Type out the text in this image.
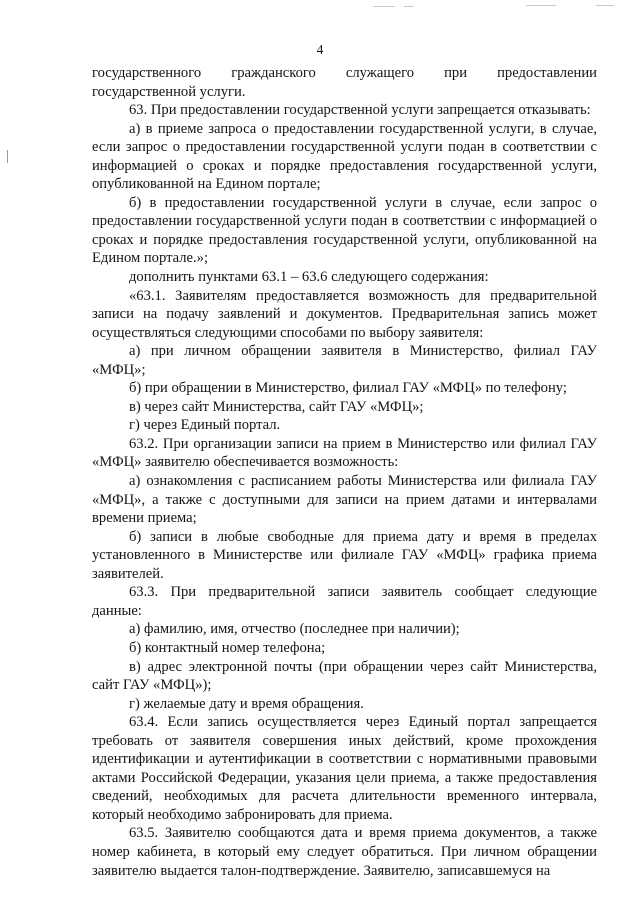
4

государственного гражданского служащего при предоставлении государственной услуги.

63. При предоставлении государственной услуги запрещается отказывать:

а) в приеме запроса о предоставлении государственной услуги, в случае, если запрос о предоставлении государственной услуги подан в соответствии с информацией о сроках и порядке предоставления государственной услуги, опубликованной на Едином портале;

б) в предоставлении государственной услуги в случае, если запрос о предоставлении государственной услуги подан в соответствии с информацией о сроках и порядке предоставления государственной услуги, опубликованной на Едином портале.»;

дополнить пунктами 63.1 – 63.6 следующего содержания:

«63.1. Заявителям предоставляется возможность для предварительной записи на подачу заявлений и документов. Предварительная запись может осуществляться следующими способами по выбору заявителя:

а) при личном обращении заявителя в Министерство, филиал ГАУ «МФЦ»;

б) при обращении в Министерство, филиал ГАУ «МФЦ» по телефону;

в) через сайт Министерства, сайт ГАУ «МФЦ»;

г) через Единый портал.

63.2. При организации записи на прием в Министерство или филиал ГАУ «МФЦ» заявителю обеспечивается возможность:

а) ознакомления с расписанием работы Министерства или филиала ГАУ «МФЦ», а также с доступными для записи на прием датами и интервалами времени приема;

б) записи в любые свободные для приема дату и время в пределах установленного в Министерстве или филиале ГАУ «МФЦ» графика приема заявителей.

63.3. При предварительной записи заявитель сообщает следующие данные:

а) фамилию, имя, отчество (последнее при наличии);

б) контактный номер телефона;

в) адрес электронной почты (при обращении через сайт Министерства, сайт ГАУ «МФЦ»);

г) желаемые дату и время обращения.

63.4. Если запись осуществляется через Единый портал запрещается требовать от заявителя совершения иных действий, кроме прохождения идентификации и аутентификации в соответствии с нормативными правовыми актами Российской Федерации, указания цели приема, а также предоставления сведений, необходимых для расчета длительности временного интервала, который необходимо забронировать для приема.

63.5. Заявителю сообщаются дата и время приема документов, а также номер кабинета, в который ему следует обратиться. При личном обращении заявителю выдается талон-подтверждение. Заявителю, записавшемуся на
